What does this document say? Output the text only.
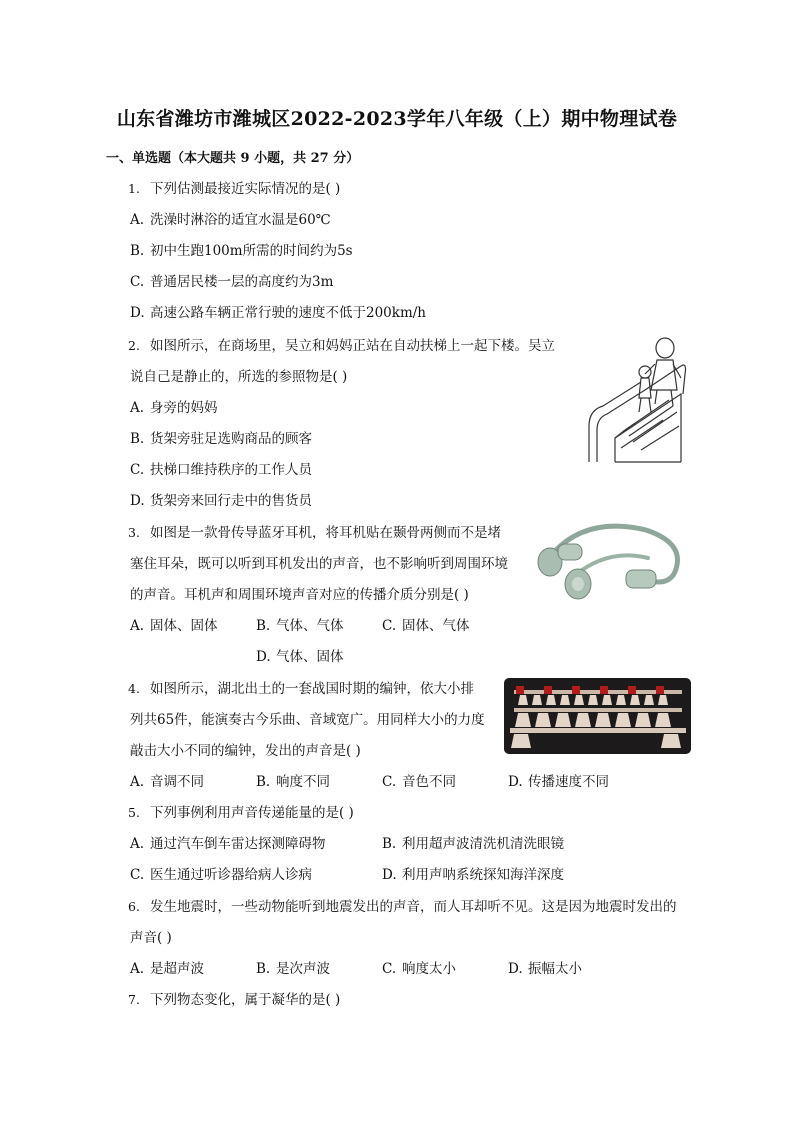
山东省潍坊市潍城区2022-2023学年八年级（上）期中物理试卷
一、单选题（本大题共 9 小题，共 27 分）
1. 下列估测最接近实际情况的是( )
A. 洗澡时淋浴的适宜水温是60℃
B. 初中生跑100m所需的时间约为5s
C. 普通居民楼一层的高度约为3m
D. 高速公路车辆正常行驶的速度不低于200km/h
2. 如图所示，在商场里，吴立和妈妈正站在自动扶梯上一起下楼。吴立
说自己是静止的，所选的参照物是( )
A. 身旁的妈妈
B. 货架旁驻足选购商品的顾客
C. 扶梯口维持秩序的工作人员
D. 货架旁来回行走中的售货员
3. 如图是一款骨传导蓝牙耳机，将耳机贴在颞骨两侧而不是堵
塞住耳朵，既可以听到耳机发出的声音，也不影响听到周围环境
的声音。耳机声和周围环境声音对应的传播介质分别是( )
A. 固体、固体	B. 气体、气体	C. 固体、气体
D. 气体、固体
4. 如图所示，湖北出土的一套战国时期的编钟，依大小排
列共65件，能演奏古今乐曲、音域宽广。用同样大小的力度
敲击大小不同的编钟，发出的声音是( )
A. 音调不同	B. 响度不同	C. 音色不同	D. 传播速度不同
5. 下列事例利用声音传递能量的是( )
A. 通过汽车倒车雷达探测障碍物	B. 利用超声波清洗机清洗眼镜
C. 医生通过听诊器给病人诊病	D. 利用声呐系统探知海洋深度
6. 发生地震时，一些动物能听到地震发出的声音，而人耳却听不见。这是因为地震时发出的
声音( )
A. 是超声波	B. 是次声波	C. 响度太小	D. 振幅太小
7. 下列物态变化，属于凝华的是( )
